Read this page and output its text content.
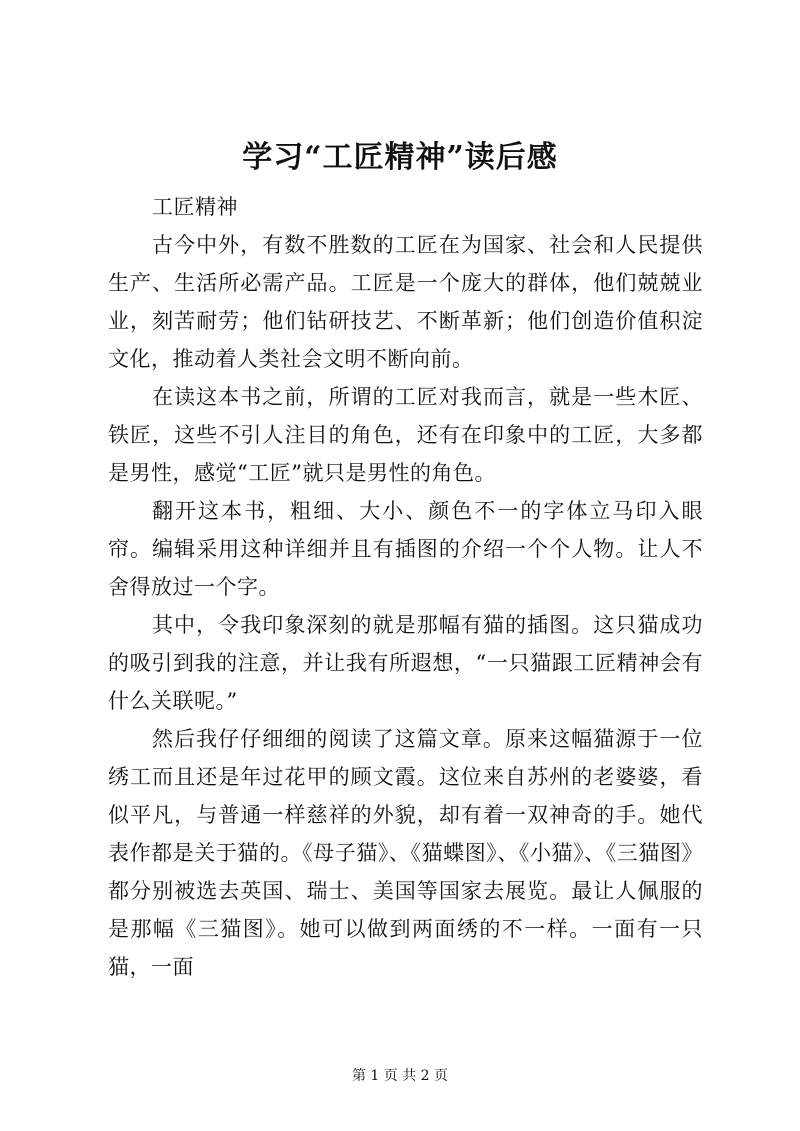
学习“工匠精神”读后感

工匠精神

古今中外，有数不胜数的工匠在为国家、社会和人民提供生产、生活所必需产品。工匠是一个庞大的群体，他们兢兢业业，刻苦耐劳；他们钻研技艺、不断革新；他们创造价值积淀文化，推动着人类社会文明不断向前。

在读这本书之前，所谓的工匠对我而言，就是一些木匠、铁匠，这些不引人注目的角色，还有在印象中的工匠，大多都是男性，感觉“工匠”就只是男性的角色。

翻开这本书，粗细、大小、颜色不一的字体立马印入眼帘。编辑采用这种详细并且有插图的介绍一个个人物。让人不舍得放过一个字。

其中，令我印象深刻的就是那幅有猫的插图。这只猫成功的吸引到我的注意，并让我有所遐想，“一只猫跟工匠精神会有什么关联呢。”

然后我仔仔细细的阅读了这篇文章。原来这幅猫源于一位绣工而且还是年过花甲的顾文霞。这位来自苏州的老婆婆，看似平凡，与普通一样慈祥的外貌，却有着一双神奇的手。她代表作都是关于猫的。《母子猫》、《猫蝶图》、《小猫》、《三猫图》都分别被选去英国、瑞士、美国等国家去展览。最让人佩服的是那幅《三猫图》。她可以做到两面绣的不一样。一面有一只猫，一面

第 1 页 共 2 页
